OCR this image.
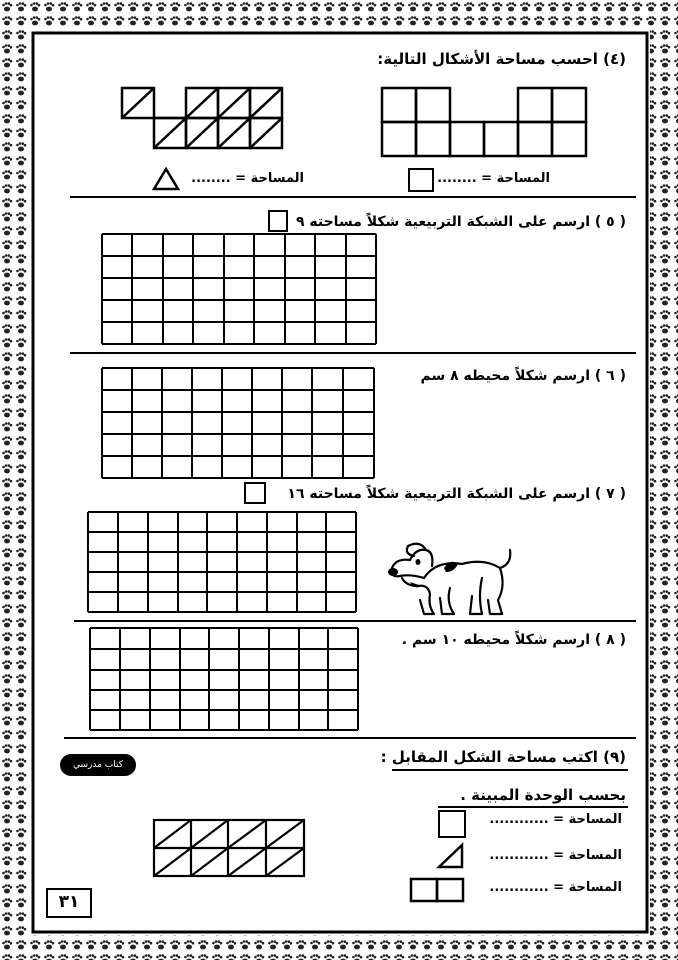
(٤) احسب مساحة الأشكال التالية:
المساحة = ........
المساحة = ........
( ٥ ) ارسم على الشبكة التربيعية شكلاً مساحته ٩
( ٦ ) ارسم شكلاً محيطه ٨ سم
( ٧ ) ارسم على الشبكة التربيعية شكلاً مساحته ١٦
( ٨ ) ارسم شكلاً محيطه ١٠ سم .
كتاب مدرسي	(٩) اكتب مساحة الشكل المقابل :
بحسب الوحدة المبينة .
المساحة = ............
المساحة = ............
المساحة = ............
٣١
